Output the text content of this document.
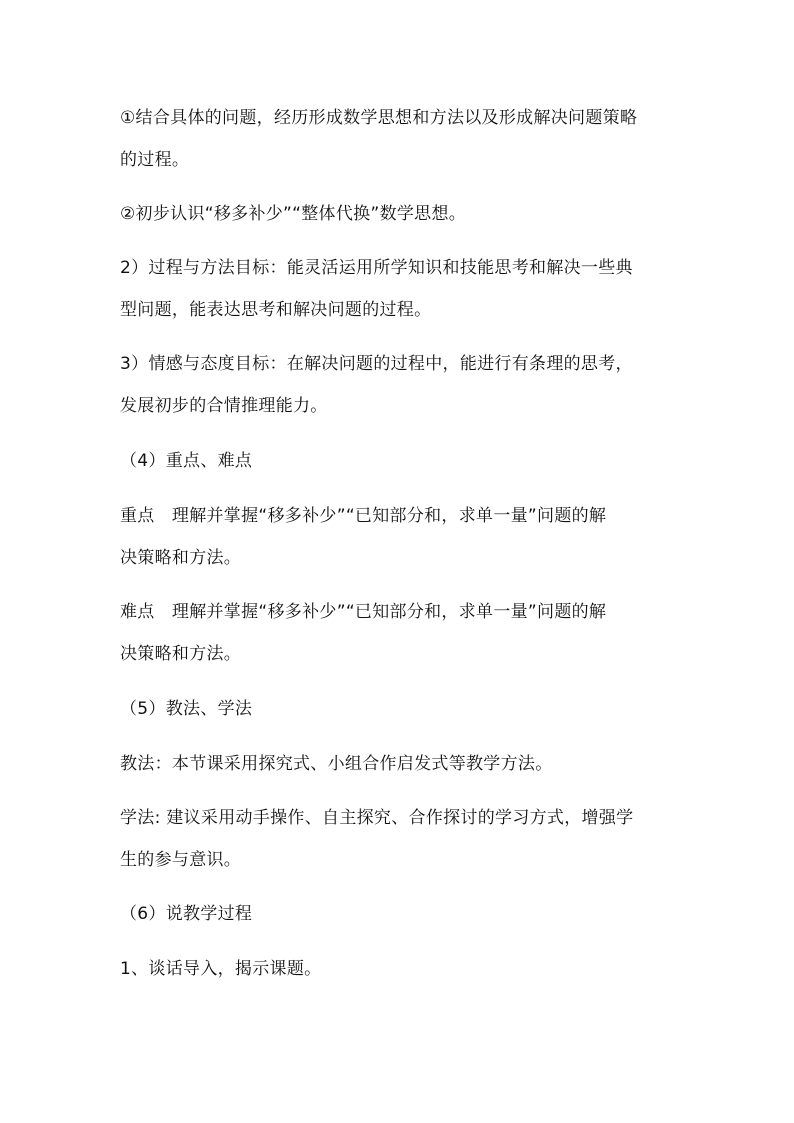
①结合具体的问题，经历形成数学思想和方法以及形成解决问题策略
的过程。
②初步认识“移多补少”“整体代换”数学思想。
2）过程与方法目标：能灵活运用所学知识和技能思考和解决一些典
型问题，能表达思考和解决问题的过程。
3）情感与态度目标：在解决问题的过程中，能进行有条理的思考，
发展初步的合情推理能力。
（4）重点、难点
重点　理解并掌握“移多补少”“已知部分和，求单一量”问题的解
决策略和方法。
难点　理解并掌握“移多补少”“已知部分和，求单一量”问题的解
决策略和方法。
（5）教法、学法
教法：本节课采用探究式、小组合作启发式等教学方法。
学法: 建议采用动手操作、自主探究、合作探讨的学习方式，增强学
生的参与意识。
（6）说教学过程
1、谈话导入，揭示课题。
